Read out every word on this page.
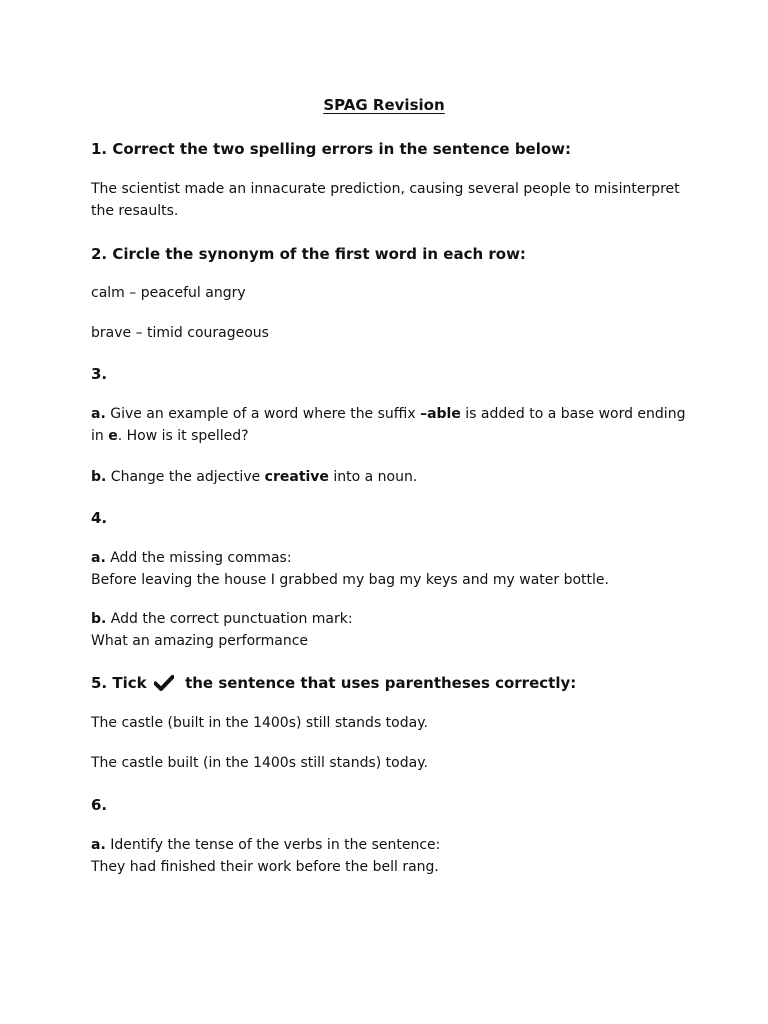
SPAG Revision
1. Correct the two spelling errors in the sentence below:
The scientist made an innacurate prediction, causing several people to misinterpret
the resaults.
2. Circle the synonym of the first word in each row:
calm – peaceful angry
brave – timid courageous
3.
a. Give an example of a word where the suffix –able is added to a base word ending
in e. How is it spelled?
b. Change the adjective creative into a noun.
4.
a. Add the missing commas:
Before leaving the house I grabbed my bag my keys and my water bottle.
b. Add the correct punctuation mark:
What an amazing performance
5. Tick	the sentence that uses parentheses correctly:
The castle (built in the 1400s) still stands today.
The castle built (in the 1400s still stands) today.
6.
a. Identify the tense of the verbs in the sentence:
They had finished their work before the bell rang.
